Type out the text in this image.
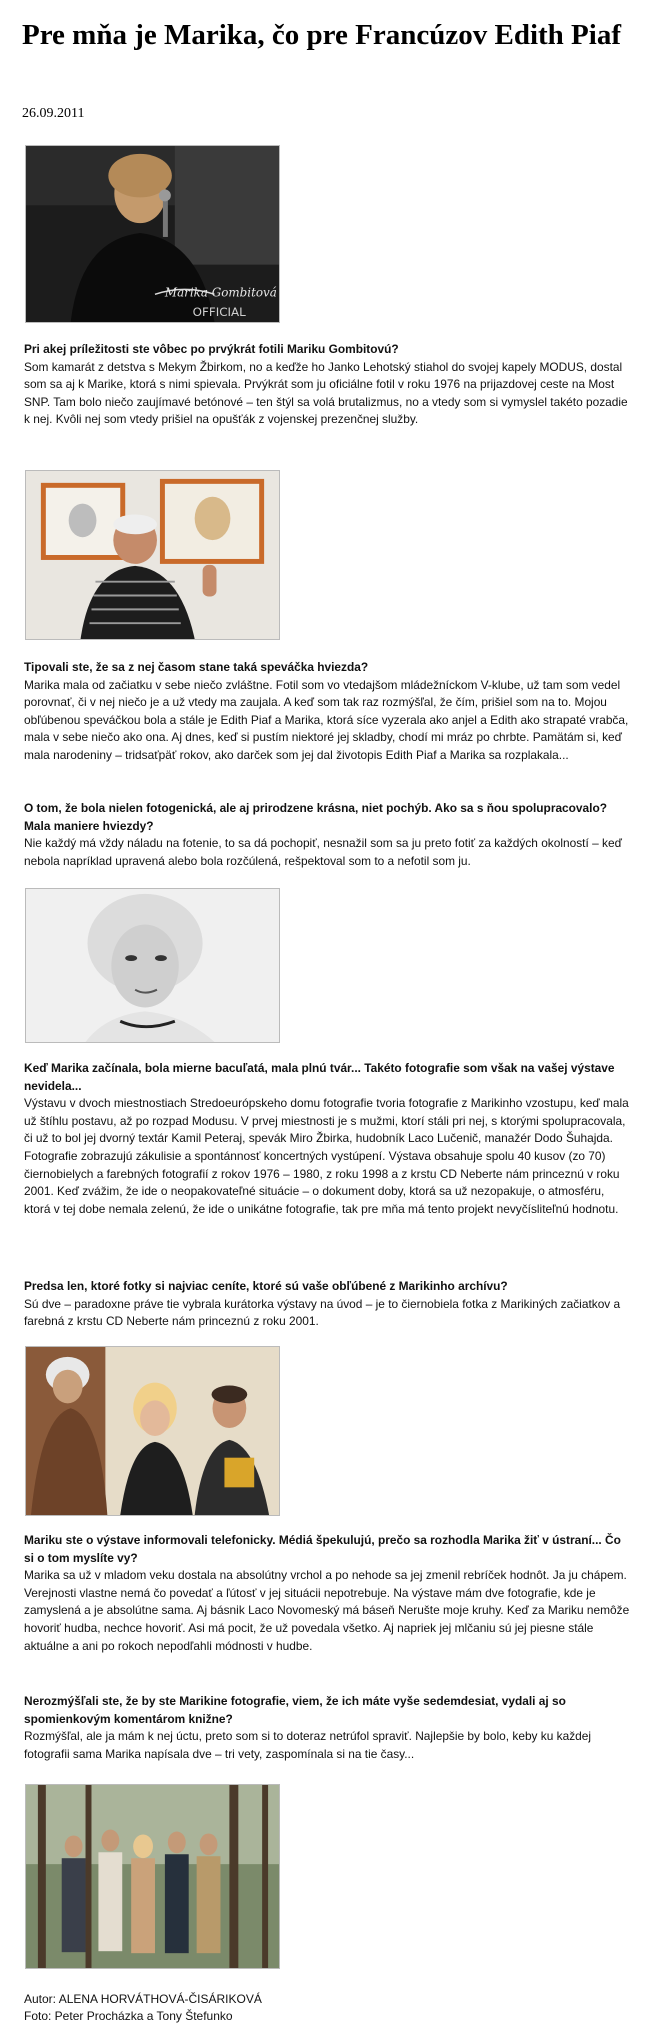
Pre mňa je Marika, čo pre Francúzov Edith Piaf
26.09.2011
Marika Gombitová
OFFICIAL

Pri akej príležitosti ste vôbec po prvýkrát fotili Mariku Gombitovú?

Som kamarát z detstva s Mekym Žbirkom, no a keďže ho Janko Lehotský stiahol do svojej kapely MODUS, dostal som sa aj k Marike, ktorá s nimi spievala. Prvýkrát som ju oficiálne fotil v roku 1976 na prijazdovej ceste na Most SNP. Tam bolo niečo zaujímavé betónové – ten štýl sa volá brutalizmus, no a vtedy som si vymyslel takéto pozadie k nej. Kvôli nej som vtedy prišiel na opušťák z vojenskej prezenčnej služby.

Tipovali ste, že sa z nej časom stane taká speváčka hviezda?

Marika mala od začiatku v sebe niečo zvláštne. Fotil som vo vtedajšom mládežníckom V-klube, už tam som vedel porovnať, či v nej niečo je a už vtedy ma zaujala. A keď som tak raz rozmýšľal, že čím, prišiel som na to. Mojou obľúbenou speváčkou bola a stále je Edith Piaf a Marika, ktorá síce vyzerala ako anjel a Edith ako strapaté vrabča, mala v sebe niečo ako ona. Aj dnes, keď si pustím niektoré jej skladby, chodí mi mráz po chrbte. Pamätám si, keď mala narodeniny – tridsaťpäť rokov, ako darček som jej dal životopis Edith Piaf a Marika sa rozplakala...

O tom, že bola nielen fotogenická, ale aj prirodzene krásna, niet pochýb. Ako sa s ňou spolupracovalo? Mala maniere hviezdy?

Nie každý má vždy náladu na fotenie, to sa dá pochopiť, nesnažil som sa ju preto fotiť za každých okolností – keď nebola napríklad upravená alebo bola rozčúlená, rešpektoval som to a nefotil som ju.

Keď Marika začínala, bola mierne bacuľatá, mala plnú tvár... Takéto fotografie som však na vašej výstave nevidela...

Výstavu v dvoch miestnostiach Stredoeurópskeho domu fotografie tvoria fotografie z Marikinho vzostupu, keď mala už štíhlu postavu, až po rozpad Modusu. V prvej miestnosti je s mužmi, ktorí stáli pri nej, s ktorými spolupracovala, či už to bol jej dvorný textár Kamil Peteraj, spevák Miro Žbirka, hudobník Laco Lučenič, manažér Dodo Šuhajda. Fotografie zobrazujú zákulisie a spontánnosť koncertných vystúpení. Výstava obsahuje spolu 40 kusov (zo 70) čiernobielych a farebných fotografií z rokov 1976 – 1980, z roku 1998 a z krstu CD Neberte nám princeznú v roku 2001. Keď zvážim, že ide o neopakovateľné situácie – o dokument doby, ktorá sa už nezopakuje, o atmosféru, ktorá v tej dobe nemala zelenú, že ide o unikátne fotografie, tak pre mňa má tento projekt nevyčísliteľnú hodnotu.

Predsa len, ktoré fotky si najviac ceníte, ktoré sú vaše obľúbené z Marikinho archívu?

Sú dve – paradoxne práve tie vybrala kurátorka výstavy na úvod – je to čiernobiela fotka z Marikiných začiatkov a farebná z krstu CD Neberte nám princeznú z roku 2001.

Mariku ste o výstave informovali telefonicky. Médiá špekulujú, prečo sa rozhodla Marika žiť v ústraní... Čo si o tom myslíte vy?

Marika sa už v mladom veku dostala na absolútny vrchol a po nehode sa jej zmenil rebríček hodnôt. Ja ju chápem. Verejnosti vlastne nemá čo povedať a ľútosť v jej situácii nepotrebuje. Na výstave mám dve fotografie, kde je zamyslená a je absolútne sama. Aj básnik Laco Novomeský má báseň Nerušte moje kruhy. Keď za Mariku nemôže hovoriť hudba, nechce hovoriť. Asi má pocit, že už povedala všetko. Aj napriek jej mlčaniu sú jej piesne stále aktuálne a ani po rokoch nepodľahli módnosti v hudbe.

Nerozmýšľali ste, že by ste Marikine fotografie, viem, že ich máte vyše sedemdesiat, vydali aj so spomienkovým komentárom knižne?

Rozmýšľal, ale ja mám k nej úctu, preto som si to doteraz netrúfol spraviť. Najlepšie by bolo, keby ku každej fotografii sama Marika napísala dve – tri vety, zaspomínala si na tie časy...

Autor: ALENA HORVÁTHOVÁ-ČISÁRIKOVÁ
Foto: Peter Procházka a Tony Štefunko
